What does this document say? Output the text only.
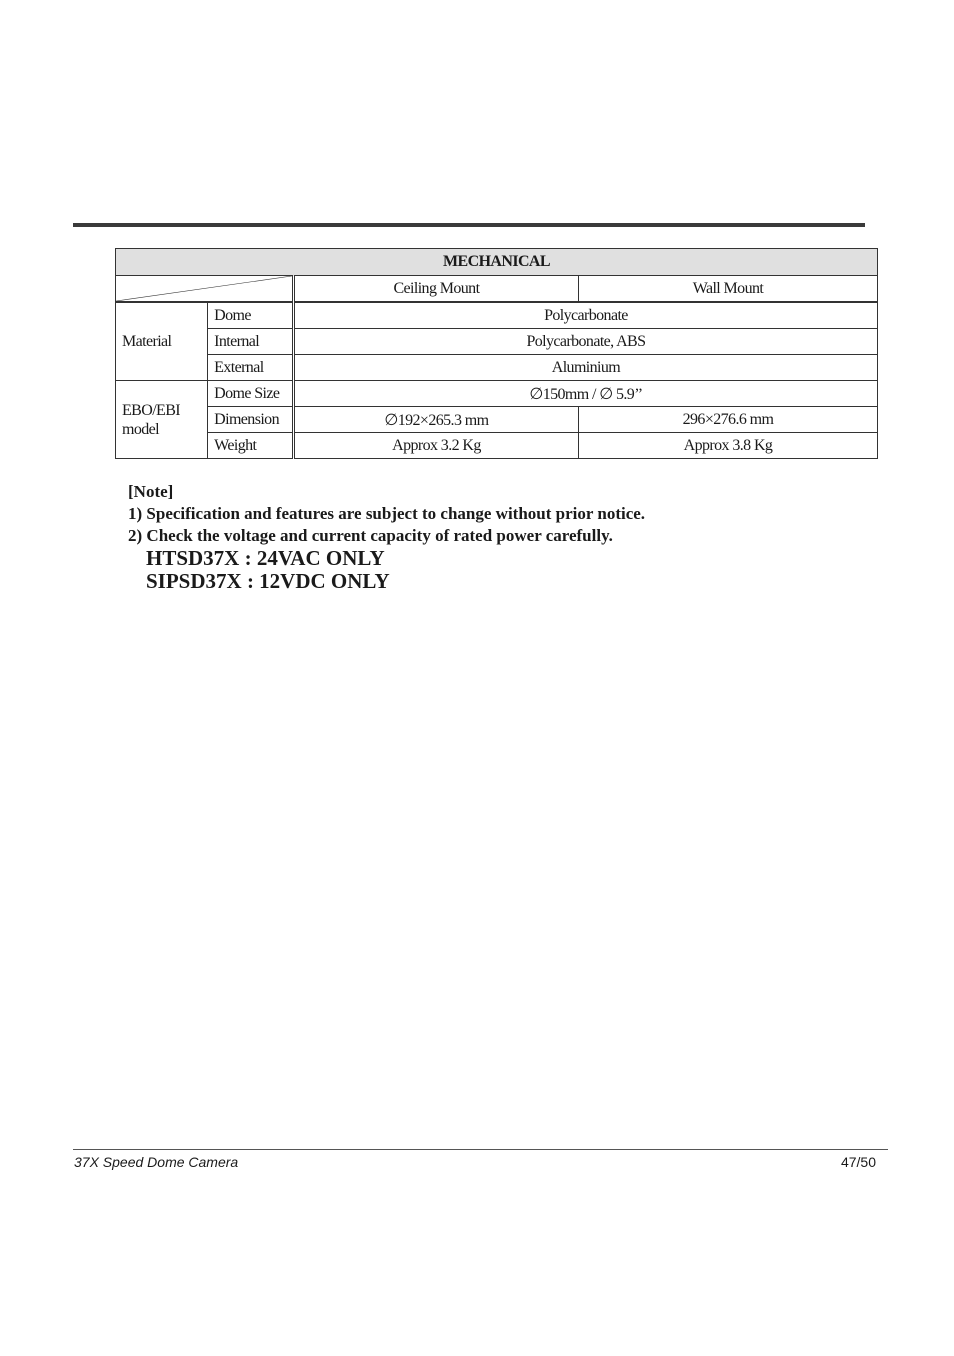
MECHANICAL			

	Ceiling Mount	Wall Mount
Material	Dome	Polycarbonate	
	Internal	Polycarbonate, ABS	
	External	Aluminium	
EBO/EBI model	Dome Size	∅150mm / ∅ 5.9’’	
	Dimension	∅192×265.3 mm	296×276.6 mm
	Weight	Approx 3.2 Kg	Approx 3.8 Kg
[Note]
1) Specification and features are subject to change without prior notice.
2) Check the voltage and current capacity of rated power carefully.
HTSD37X : 24VAC ONLY
SIPSD37X : 12VDC ONLY
37X Speed Dome Camera	47/50
